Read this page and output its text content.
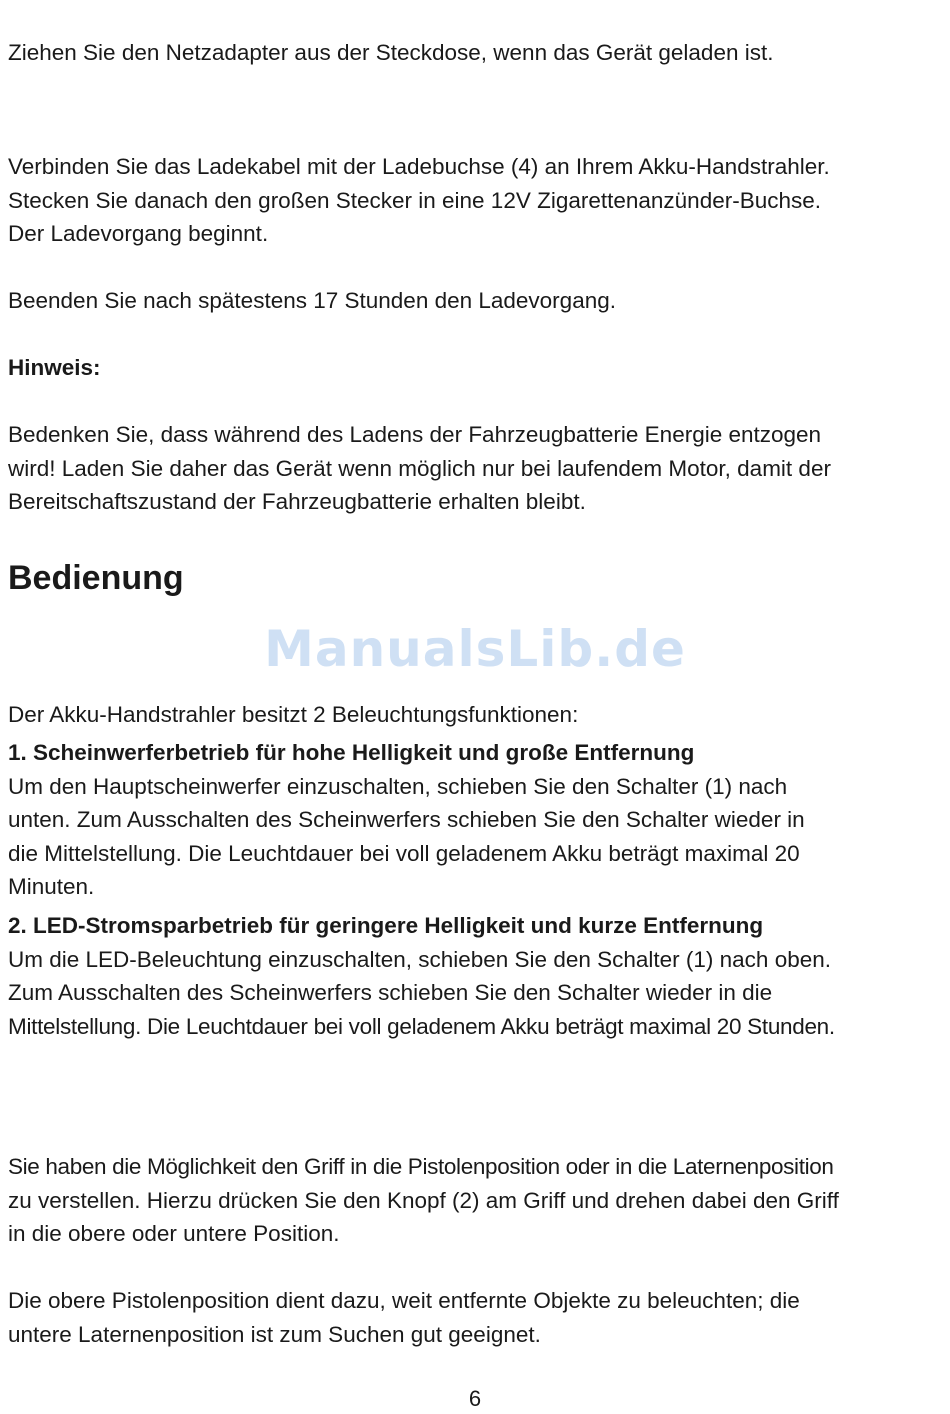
Ziehen Sie den Netzadapter aus der Steckdose, wenn das Gerät geladen ist.

Verbinden Sie das Ladekabel mit der Ladebuchse (4) an Ihrem Akku-Handstrahler.
Stecken Sie danach den großen Stecker in eine 12V Zigarettenanzünder-Buchse.
Der Ladevorgang beginnt.

Beenden Sie nach spätestens 17 Stunden den Ladevorgang.

Hinweis:

Bedenken Sie, dass während des Ladens der Fahrzeugbatterie Energie entzogen
wird! Laden Sie daher das Gerät wenn möglich nur bei laufendem Motor, damit der
Bereitschaftszustand der Fahrzeugbatterie erhalten bleibt.

Bedienung

Der Akku-Handstrahler besitzt 2 Beleuchtungsfunktionen:

1. Scheinwerferbetrieb für hohe Helligkeit und große Entfernung
Um den Hauptscheinwerfer einzuschalten, schieben Sie den Schalter (1) nach
unten. Zum Ausschalten des Scheinwerfers schieben Sie den Schalter wieder in
die Mittelstellung. Die Leuchtdauer bei voll geladenem Akku beträgt maximal 20
Minuten.

2. LED-Stromsparbetrieb für geringere Helligkeit und kurze Entfernung
Um die LED-Beleuchtung einzuschalten, schieben Sie den Schalter (1) nach oben.
Zum Ausschalten des Scheinwerfers schieben Sie den Schalter wieder in die
Mittelstellung. Die Leuchtdauer bei voll geladenem Akku beträgt maximal 20 Stunden.

Sie haben die Möglichkeit den Griff in die Pistolenposition oder in die Laternenposition
zu verstellen. Hierzu drücken Sie den Knopf (2) am Griff und drehen dabei den Griff
in die obere oder untere Position.

Die obere Pistolenposition dient dazu, weit entfernte Objekte zu beleuchten; die
untere Laternenposition ist zum Suchen gut geeignet.

ManualsLib.de
6
